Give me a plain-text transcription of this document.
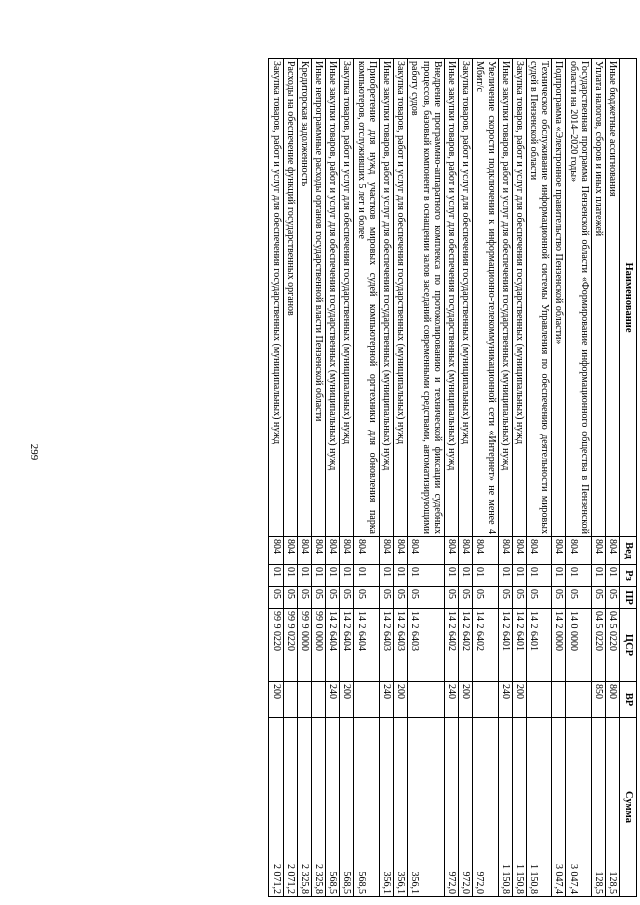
299
Наименование	Вед	Рз	ПР	ЦСР	ВР	Сумма
Иные бюджетные ассигнования	804	01	05	04 5 0220	800	128,5
Уплата налогов, сборов и иных платежей	804	01	05	04 5 0220	850	128,5
Государственная программа Пензенской области «Формирование информационного общества в Пензенской области на 2014–2020 годы»	804	01	05	14 0 0000		3 047,4
Подпрограмма «Электронное правительство Пензенской области»	804	01	05	14 2 0000		3 047,4
Техническое обслуживание информационной системы Управления по обеспечению деятельности мировых судей в Пензенской области	804	01	05	14 2 6401		1 150,8
Закупка товаров, работ и услуг для обеспечения государственных (муниципальных) нужд	804	01	05	14 2 6401	200	1 150,8
Иные закупки товаров, работ и услуг для обеспечения государственных (муниципальных) нужд	804	01	05	14 2 6401	240	1 150,8
Увеличение скорости подключения к информационно-телекоммуникационной сети «Интернет» не менее 4 Мбит/с	804	01	05	14 2 6402		972,0
Закупка товаров, работ и услуг для обеспечения государственных (муниципальных) нужд	804	01	05	14 2 6402	200	972,0
Иные закупки товаров, работ и услуг для обеспечения государственных (муниципальных) нужд	804	01	05	14 2 6402	240	972,0
Внедрение программно-аппаратного комплекса по протоколированию и технической фиксации судебных процессов, базовый компонент в оснащении залов заседаний современными средствами, автоматизирующими работу судов	804	01	05	14 2 6403		356,1
Закупка товаров, работ и услуг для обеспечения государственных (муниципальных) нужд	804	01	05	14 2 6403	200	356,1
Иные закупки товаров, работ и услуг для обеспечения государственных (муниципальных) нужд	804	01	05	14 2 6403	240	356,1
Приобретение для нужд участков мировых судей компьютерной оргтехники для обновления парка компьютеров, отслуживших 5 лет и более	804	01	05	14 2 6404		568,5
Закупка товаров, работ и услуг для обеспечения государственных (муниципальных) нужд	804	01	05	14 2 6404	200	568,5
Иные закупки товаров, работ и услуг для обеспечения государственных (муниципальных) нужд	804	01	05	14 2 6404	240	568,5
Иные непрограммные расходы органов государственной власти Пензенской области	804	01	05	99 0 0000		2 325,8
Кредиторская задолженность	804	01	05	99 9 0000		2 325,8
Расходы на обеспечение функций государственных органов	804	01	05	99 9 0220		2 071,2
Закупка товаров, работ и услуг для обеспечения государственных (муниципальных) нужд	804	01	05	99 9 0220	200	2 071,2
